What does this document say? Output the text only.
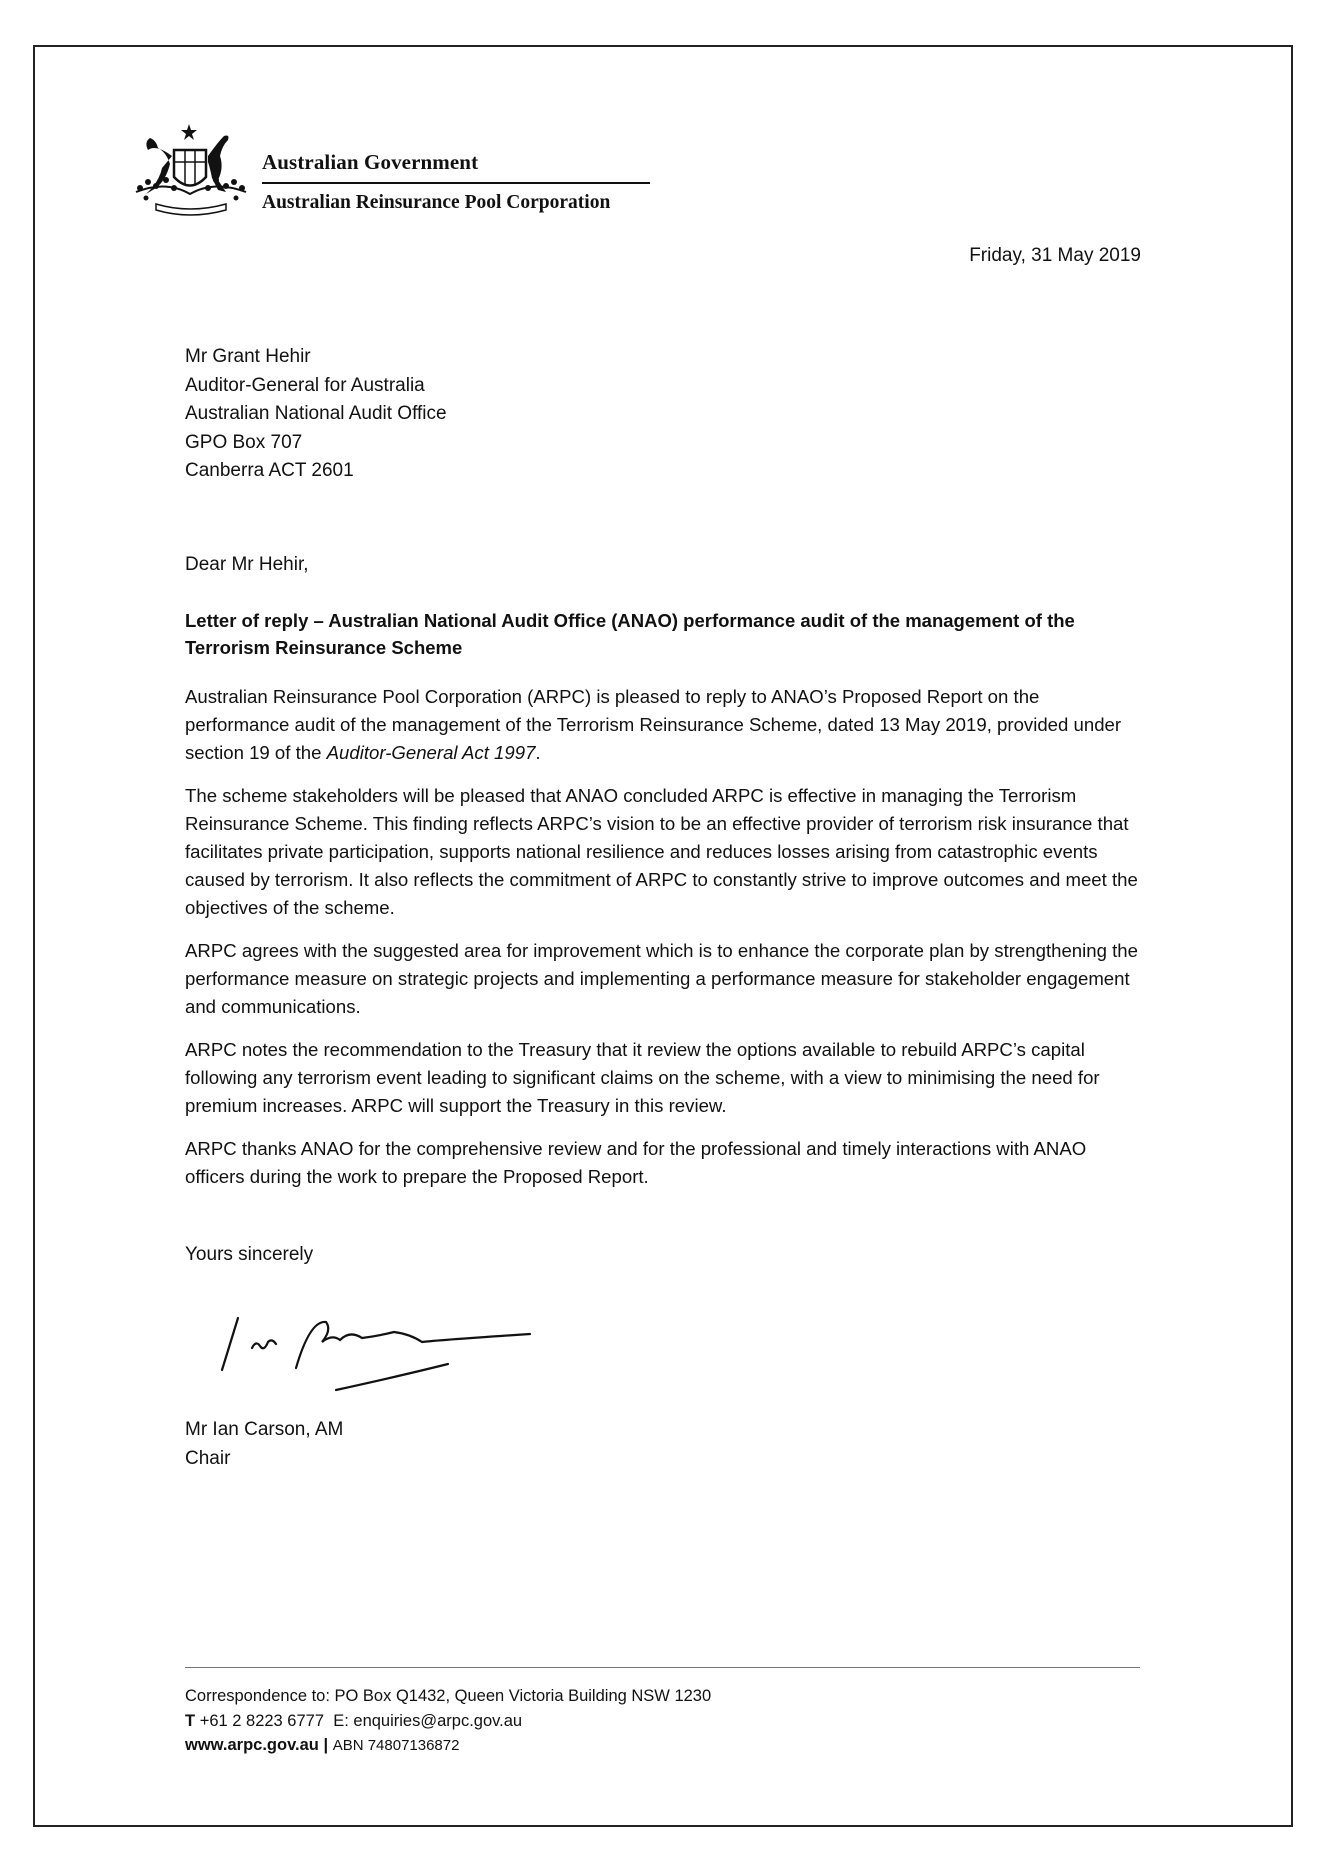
Australian Government
Australian Reinsurance Pool Corporation
Friday, 31 May 2019
Mr Grant Hehir
Auditor-General for Australia
Australian National Audit Office
GPO Box 707
Canberra ACT 2601
Dear Mr Hehir,
Letter of reply – Australian National Audit Office (ANAO) performance audit of the management of the Terrorism Reinsurance Scheme

Australian Reinsurance Pool Corporation (ARPC) is pleased to reply to ANAO’s Proposed Report on the performance audit of the management of the Terrorism Reinsurance Scheme, dated 13 May 2019, provided under section 19 of the Auditor-General Act 1997.

The scheme stakeholders will be pleased that ANAO concluded ARPC is effective in managing the Terrorism Reinsurance Scheme. This finding reflects ARPC’s vision to be an effective provider of terrorism risk insurance that facilitates private participation, supports national resilience and reduces losses arising from catastrophic events caused by terrorism. It also reflects the commitment of ARPC to constantly strive to improve outcomes and meet the objectives of the scheme.

ARPC agrees with the suggested area for improvement which is to enhance the corporate plan by strengthening the performance measure on strategic projects and implementing a performance measure for stakeholder engagement and communications.

ARPC notes the recommendation to the Treasury that it review the options available to rebuild ARPC’s capital following any terrorism event leading to significant claims on the scheme, with a view to minimising the need for premium increases. ARPC will support the Treasury in this review.

ARPC thanks ANAO for the comprehensive review and for the professional and timely interactions with ANAO officers during the work to prepare the Proposed Report.

Yours sincerely
Mr Ian Carson, AM
Chair
Correspondence to: PO Box Q1432, Queen Victoria Building NSW 1230
T +61 2 8223 6777 E: enquiries@arpc.gov.au
www.arpc.gov.au | ABN 74807136872
